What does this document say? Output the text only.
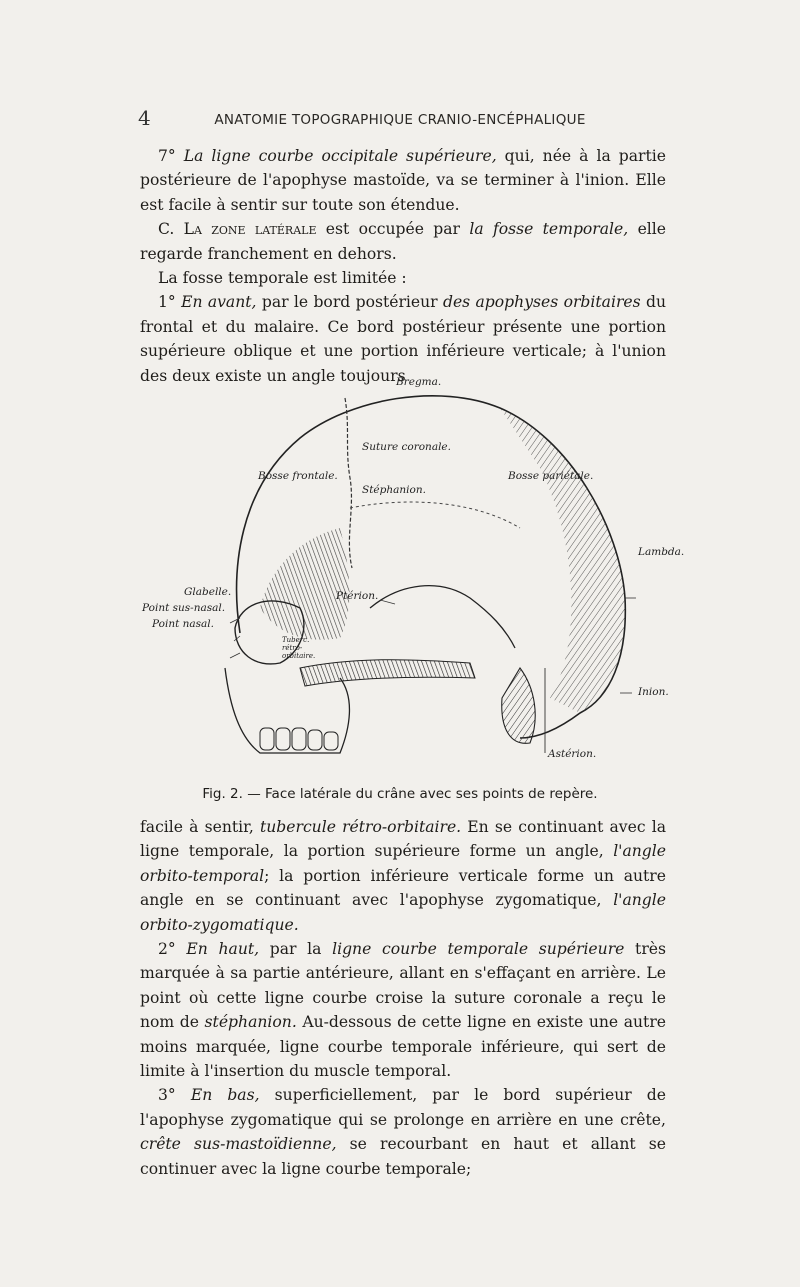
4	ANATOMIE TOPOGRAPHIQUE CRANIO-ENCÉPHALIQUE

7° La ligne courbe occipitale supérieure, qui, née à la partie postérieure de l'apophyse mastoïde, va se terminer à l'inion. Elle est facile à sentir sur toute son étendue.

C. La zone latérale est occupée par la fosse temporale, elle regarde franchement en dehors.

La fosse temporale est limitée :

1° En avant, par le bord postérieur des apophyses orbitaires du frontal et du malaire. Ce bord postérieur présente une portion supérieure oblique et une portion inférieure verticale; à l'union des deux existe un angle toujours

Bregma.
Suture coronale.
Bosse frontale.
Stéphanion.
Bosse pariétale.
Lambda.
Glabelle.
Point sus-nasal.
Point nasal.
Ptérion.
Tuberc. rétro-orbitaire.
Inion.
Astérion.
Fig. 2. — Face latérale du crâne avec ses points de repère.

facile à sentir, tubercule rétro-orbitaire. En se continuant avec la ligne temporale, la portion supérieure forme un angle, l'angle orbito-temporal; la portion inférieure verticale forme un autre angle en se continuant avec l'apophyse zygomatique, l'angle orbito-zygomatique.

2° En haut, par la ligne courbe temporale supérieure très marquée à sa partie antérieure, allant en s'effaçant en arrière. Le point où cette ligne courbe croise la suture coronale a reçu le nom de stéphanion. Au-dessous de cette ligne en existe une autre moins marquée, ligne courbe temporale inférieure, qui sert de limite à l'insertion du muscle temporal.

3° En bas, superficiellement, par le bord supérieur de l'apophyse zygomatique qui se prolonge en arrière en une crête, crête sus-mastoïdienne, se recourbant en haut et allant se continuer avec la ligne courbe temporale;
